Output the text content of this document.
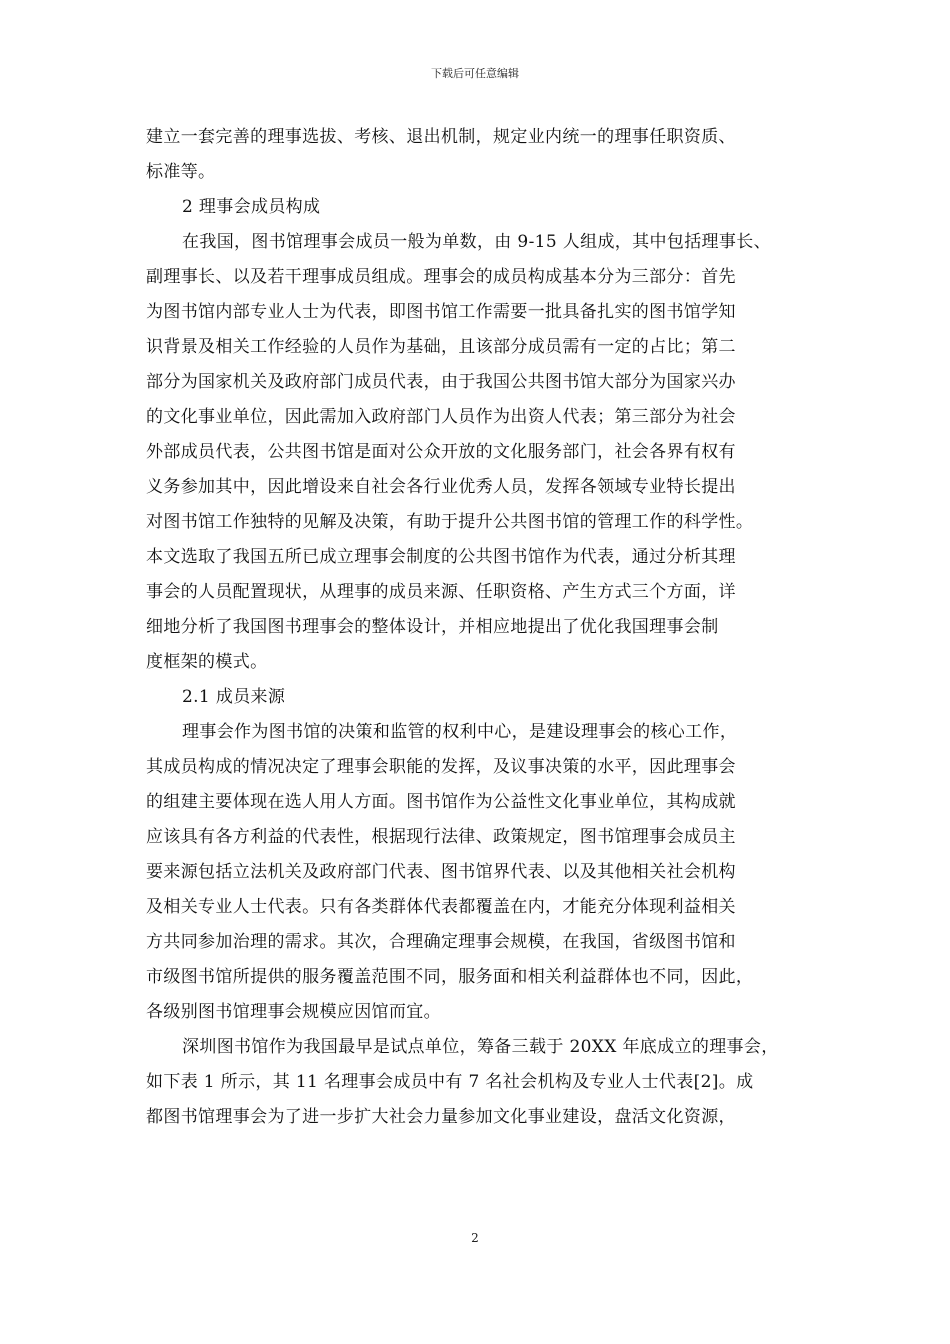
下载后可任意编辑
建立一套完善的理事选拔、考核、退出机制，规定业内统一的理事任职资质、
标准等。
2 理事会成员构成
在我国，图书馆理事会成员一般为单数，由 9-15 人组成，其中包括理事长、
副理事长、以及若干理事成员组成。理事会的成员构成基本分为三部分：首先
为图书馆内部专业人士为代表，即图书馆工作需要一批具备扎实的图书馆学知
识背景及相关工作经验的人员作为基础，且该部分成员需有一定的占比；第二
部分为国家机关及政府部门成员代表，由于我国公共图书馆大部分为国家兴办
的文化事业单位，因此需加入政府部门人员作为出资人代表；第三部分为社会
外部成员代表，公共图书馆是面对公众开放的文化服务部门，社会各界有权有
义务参加其中，因此增设来自社会各行业优秀人员，发挥各领域专业特长提出
对图书馆工作独特的见解及决策，有助于提升公共图书馆的管理工作的科学性。
本文选取了我国五所已成立理事会制度的公共图书馆作为代表，通过分析其理
事会的人员配置现状，从理事的成员来源、任职资格、产生方式三个方面，详
细地分析了我国图书理事会的整体设计，并相应地提出了优化我国理事会制
度框架的模式。
2.1 成员来源
理事会作为图书馆的决策和监管的权利中心，是建设理事会的核心工作，
其成员构成的情况决定了理事会职能的发挥，及议事决策的水平，因此理事会
的组建主要体现在选人用人方面。图书馆作为公益性文化事业单位，其构成就
应该具有各方利益的代表性，根据现行法律、政策规定，图书馆理事会成员主
要来源包括立法机关及政府部门代表、图书馆界代表、以及其他相关社会机构
及相关专业人士代表。只有各类群体代表都覆盖在内，才能充分体现利益相关
方共同参加治理的需求。其次，合理确定理事会规模，在我国，省级图书馆和
市级图书馆所提供的服务覆盖范围不同，服务面和相关利益群体也不同，因此，
各级别图书馆理事会规模应因馆而宜。
深圳图书馆作为我国最早是试点单位，筹备三载于 20XX 年底成立的理事会，
如下表 1 所示，其 11 名理事会成员中有 7 名社会机构及专业人士代表[2]。成
都图书馆理事会为了进一步扩大社会力量参加文化事业建设，盘活文化资源，
2
